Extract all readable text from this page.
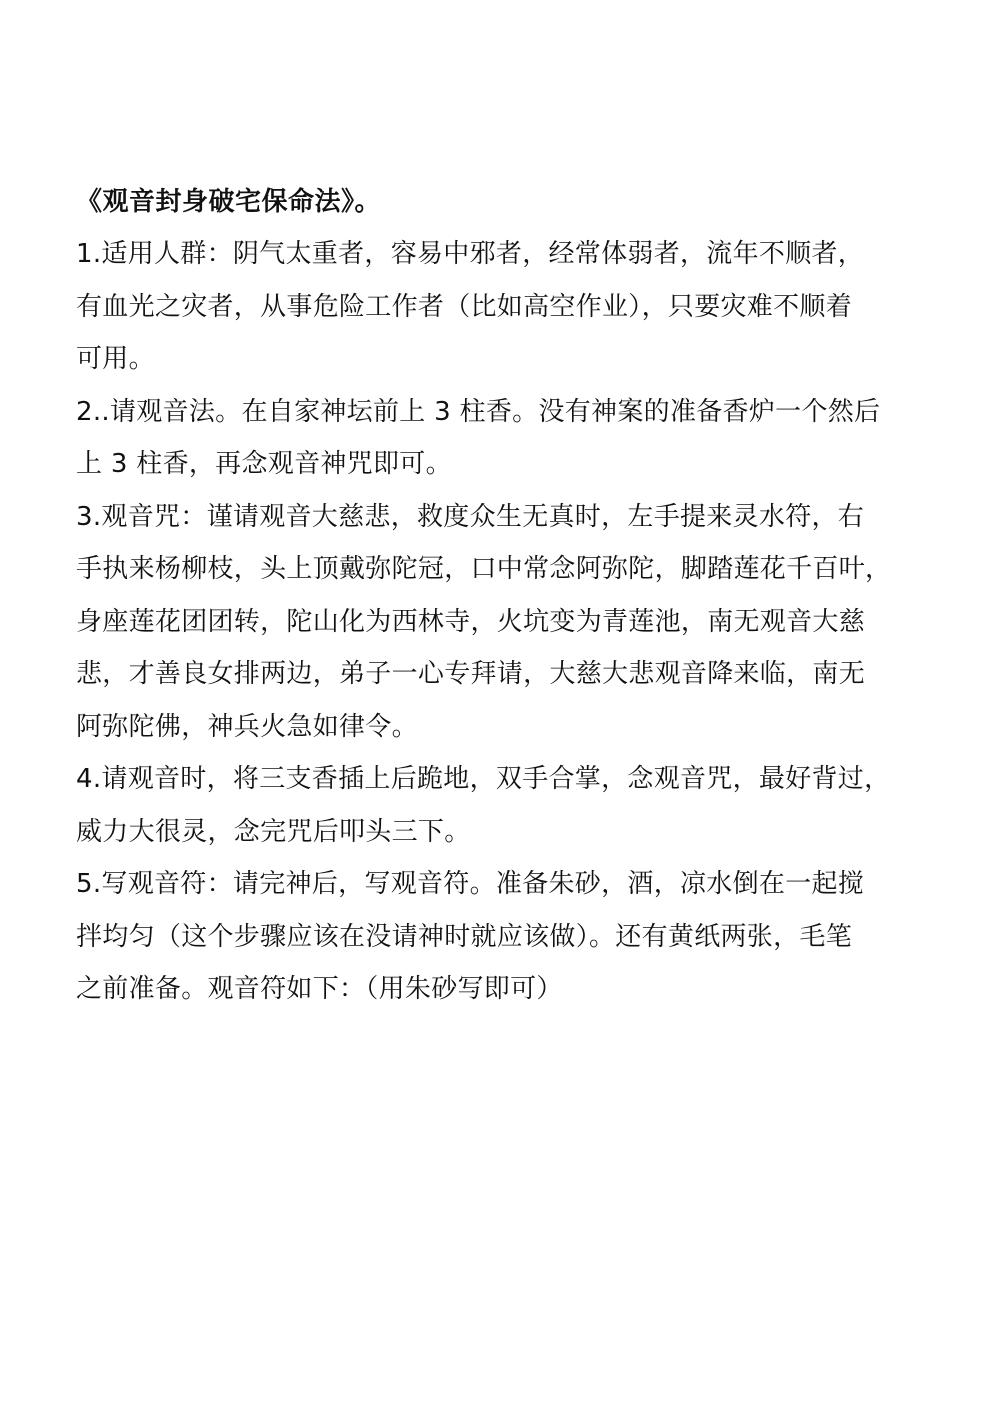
《观音封身破宅保命法》。

1.适用人群：阴气太重者，容易中邪者，经常体弱者，流年不顺者，

有血光之灾者，从事危险工作者（比如高空作业），只要灾难不顺着

可用。

2..请观音法。在自家神坛前上 3 柱香。没有神案的准备香炉一个然后

上 3 柱香，再念观音神咒即可。

3.观音咒：谨请观音大慈悲，救度众生无真时，左手提来灵水符，右

手执来杨柳枝，头上顶戴弥陀冠，口中常念阿弥陀，脚踏莲花千百叶，

身座莲花团团转，陀山化为西林寺，火坑变为青莲池，南无观音大慈

悲，才善良女排两边，弟子一心专拜请，大慈大悲观音降来临，南无

阿弥陀佛，神兵火急如律令。

4.请观音时，将三支香插上后跪地，双手合掌，念观音咒，最好背过，

威力大很灵，念完咒后叩头三下。

5.写观音符：请完神后，写观音符。准备朱砂，酒，凉水倒在一起搅

拌均匀（这个步骤应该在没请神时就应该做）。还有黄纸两张，毛笔

之前准备。观音符如下：（用朱砂写即可）
